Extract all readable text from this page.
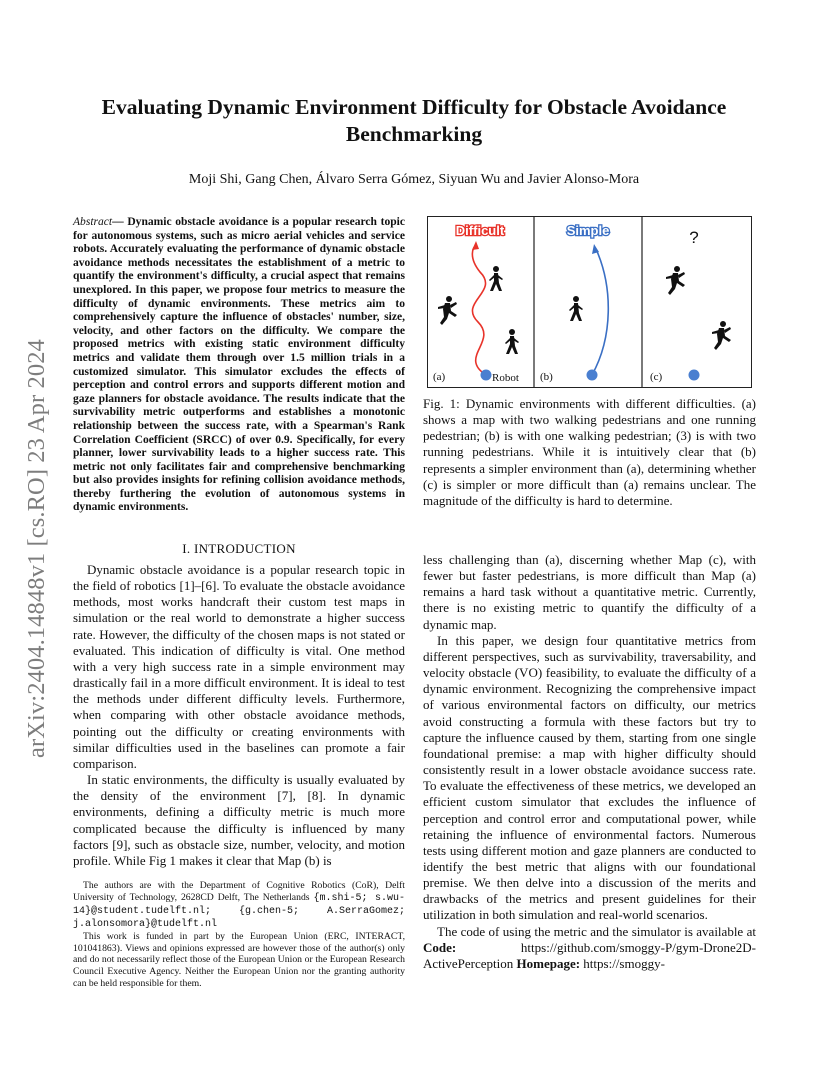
arXiv:2404.14848v1 [cs.RO] 23 Apr 2024
Evaluating Dynamic Environment Difficulty for Obstacle Avoidance Benchmarking
Moji Shi, Gang Chen, Álvaro Serra Gómez, Siyuan Wu and Javier Alonso-Mora
Abstract— Dynamic obstacle avoidance is a popular research topic for autonomous systems, such as micro aerial vehicles and service robots. Accurately evaluating the performance of dynamic obstacle avoidance methods necessitates the establishment of a metric to quantify the environment's difficulty, a crucial aspect that remains unexplored. In this paper, we propose four metrics to measure the difficulty of dynamic environments. These metrics aim to comprehensively capture the influence of obstacles' number, size, velocity, and other factors on the difficulty. We compare the proposed metrics with existing static environment difficulty metrics and validate them through over 1.5 million trials in a customized simulator. This simulator excludes the effects of perception and control errors and supports different motion and gaze planners for obstacle avoidance. The results indicate that the survivability metric outperforms and establishes a monotonic relationship between the success rate, with a Spearman's Rank Correlation Coefficient (SRCC) of over 0.9. Specifically, for every planner, lower survivability leads to a higher success rate. This metric not only facilitates fair and comprehensive benchmarking but also provides insights for refining collision avoidance methods, thereby furthering the evolution of autonomous systems in dynamic environments.
I. INTRODUCTION

Dynamic obstacle avoidance is a popular research topic in the field of robotics [1]–[6]. To evaluate the obstacle avoidance methods, most works handcraft their custom test maps in simulation or the real world to demonstrate a higher success rate. However, the difficulty of the chosen maps is not stated or evaluated. This indication of difficulty is vital. One method with a very high success rate in a simple environment may drastically fail in a more difficult environment. It is ideal to test the methods under different difficulty levels. Furthermore, when comparing with other obstacle avoidance methods, pointing out the difficulty or creating environments with similar difficulties used in the baselines can promote a fair comparison.

In static environments, the difficulty is usually evaluated by the density of the environment [7], [8]. In dynamic environments, defining a difficulty metric is much more complicated because the difficulty is influenced by many factors [9], such as obstacle size, number, velocity, and motion profile. While Fig 1 makes it clear that Map (b) is

The authors are with the Department of Cognitive Robotics (CoR), Delft University of Technology, 2628CD Delft, The Netherlands {m.shi-5; s.wu-14}@student.tudelft.nl; {g.chen-5; A.SerraGomez; j.alonsomora}@tudelft.nl

This work is funded in part by the European Union (ERC, INTERACT, 101041863). Views and opinions expressed are however those of the author(s) only and do not necessarily reflect those of the European Union or the European Research Council Executive Agency. Neither the European Union nor the granting authority can be held responsible for them.

Difficult
Robot
(a)
Simple
(b)
?
(c)
Fig. 1: Dynamic environments with different difficulties. (a) shows a map with two walking pedestrians and one running pedestrian; (b) is with one walking pedestrian; (3) is with two running pedestrians. While it is intuitively clear that (b) represents a simpler environment than (a), determining whether (c) is simpler or more difficult than (a) remains unclear. The magnitude of the difficulty is hard to determine.

less challenging than (a), discerning whether Map (c), with fewer but faster pedestrians, is more difficult than Map (a) remains a hard task without a quantitative metric. Currently, there is no existing metric to quantify the difficulty of a dynamic map.

In this paper, we design four quantitative metrics from different perspectives, such as survivability, traversability, and velocity obstacle (VO) feasibility, to evaluate the difficulty of a dynamic environment. Recognizing the comprehensive impact of various environmental factors on difficulty, our metrics avoid constructing a formula with these factors but try to capture the influence caused by them, starting from one single foundational premise: a map with higher difficulty should consistently result in a lower obstacle avoidance success rate. To evaluate the effectiveness of these metrics, we developed an efficient custom simulator that excludes the influence of perception and control error and computational power, while retaining the influence of environmental factors. Numerous tests using different motion and gaze planners are conducted to identify the best metric that aligns with our foundational premise. We then delve into a discussion of the merits and drawbacks of the metrics and present guidelines for their utilization in both simulation and real-world scenarios.

The code of using the metric and the simulator is available at Code: https://github.com/smoggy-P/gym-Drone2D-ActivePerception Homepage: https://smoggy-
